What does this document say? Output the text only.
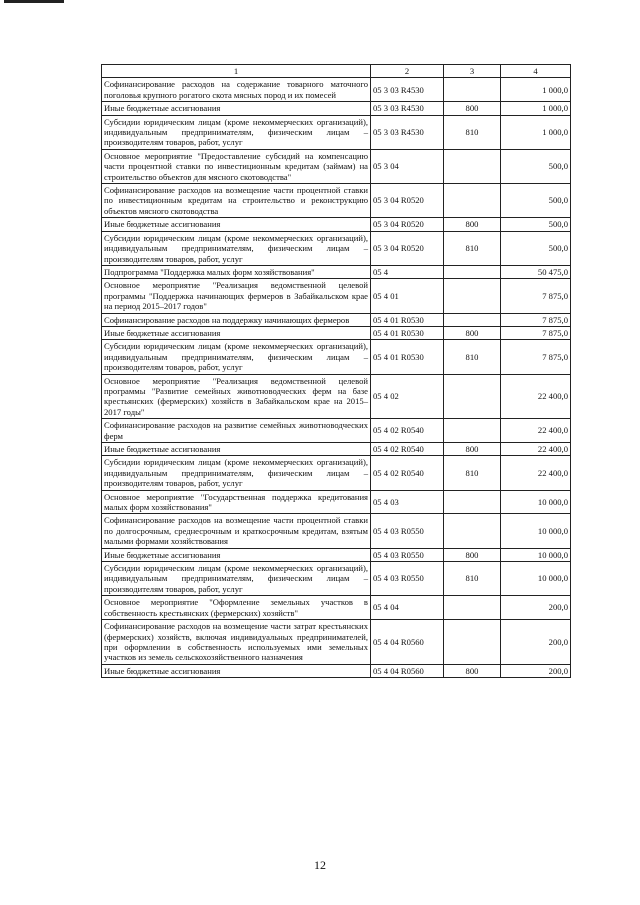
1	2	3	4
Софинансирование расходов на содержание товарного маточного поголовья крупного рогатого скота мясных пород и их помесей	05 3 03 R4530		1 000,0
Иные бюджетные ассигнования	05 3 03 R4530	800	1 000,0
Субсидии юридическим лицам (кроме некоммерческих организаций), индивидуальным предпринимателям, физическим лицам – производителям товаров, работ, услуг	05 3 03 R4530	810	1 000,0
Основное мероприятие "Предоставление субсидий на компенсацию части процентной ставки по инвестиционным кредитам (займам) на строительство объектов для мясного скотоводства"	05 3 04		500,0
Софинансирование расходов на возмещение части процентной ставки по инвестиционным кредитам на строительство и реконструкцию объектов мясного скотоводства	05 3 04 R0520		500,0
Иные бюджетные ассигнования	05 3 04 R0520	800	500,0
Субсидии юридическим лицам (кроме некоммерческих организаций), индивидуальным предпринимателям, физическим лицам – производителям товаров, работ, услуг	05 3 04 R0520	810	500,0
Подпрограмма "Поддержка малых форм хозяйствования"	05 4		50 475,0
Основное мероприятие "Реализация ведомственной целевой программы "Поддержка начинающих фермеров в Забайкальском крае на период 2015–2017 годов"	05 4 01		7 875,0
Софинансирование расходов на поддержку начинающих фермеров	05 4 01 R0530		7 875,0
Иные бюджетные ассигнования	05 4 01 R0530	800	7 875,0
Субсидии юридическим лицам (кроме некоммерческих организаций), индивидуальным предпринимателям, физическим лицам – производителям товаров, работ, услуг	05 4 01 R0530	810	7 875,0
Основное мероприятие "Реализация ведомственной целевой программы "Развитие семейных животноводческих ферм на базе крестьянских (фермерских) хозяйств в Забайкальском крае на 2015–2017 годы"	05 4 02		22 400,0
Софинансирование расходов на развитие семейных животноводческих ферм	05 4 02 R0540		22 400,0
Иные бюджетные ассигнования	05 4 02 R0540	800	22 400,0
Субсидии юридическим лицам (кроме некоммерческих организаций), индивидуальным предпринимателям, физическим лицам – производителям товаров, работ, услуг	05 4 02 R0540	810	22 400,0
Основное мероприятие "Государственная поддержка кредитования малых форм хозяйствования"	05 4 03		10 000,0
Софинансирование расходов на возмещение части процентной ставки по долгосрочным, среднесрочным и краткосрочным кредитам, взятым малыми формами хозяйствования	05 4 03 R0550		10 000,0
Иные бюджетные ассигнования	05 4 03 R0550	800	10 000,0
Субсидии юридическим лицам (кроме некоммерческих организаций), индивидуальным предпринимателям, физическим лицам – производителям товаров, работ, услуг	05 4 03 R0550	810	10 000,0
Основное мероприятие "Оформление земельных участков в собственность крестьянских (фермерских) хозяйств"	05 4 04		200,0
Софинансирование расходов на возмещение части затрат крестьянских (фермерских) хозяйств, включая индивидуальных предпринимателей, при оформлении в собственность используемых ими земельных участков из земель сельскохозяйственного назначения	05 4 04 R0560		200,0
Иные бюджетные ассигнования	05 4 04 R0560	800	200,0
12
